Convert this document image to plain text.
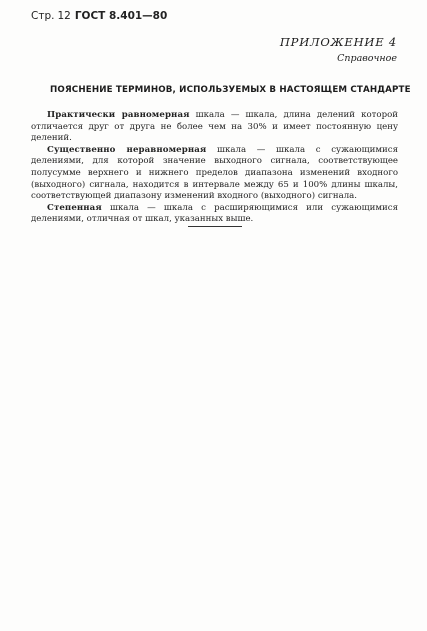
Стр. 12 ГОСТ 8.401—80
ПРИЛОЖЕНИЕ 4
Справочное
ПОЯСНЕНИЕ ТЕРМИНОВ, ИСПОЛЬЗУЕМЫХ В НАСТОЯЩЕМ СТАНДАРТЕ

Практически равномерная шкала — шкала, длина делений которой отличается друг от друга не более чем на 30% и имеет постоянную цену делений.

Существенно неравномерная шкала — шкала с сужающимися делениями, для которой значение выходного сигнала, соответствующее полусумме верхнего и нижнего пределов диапазона изменений входного (выходного) сигнала, находится в интервале между 65 и 100% длины шкалы, соответствующей диапазону изменений входного (выходного) сигнала.

Степенная шкала — шкала с расширяющимися или сужающимися делениями, отличная от шкал, указанных выше.
